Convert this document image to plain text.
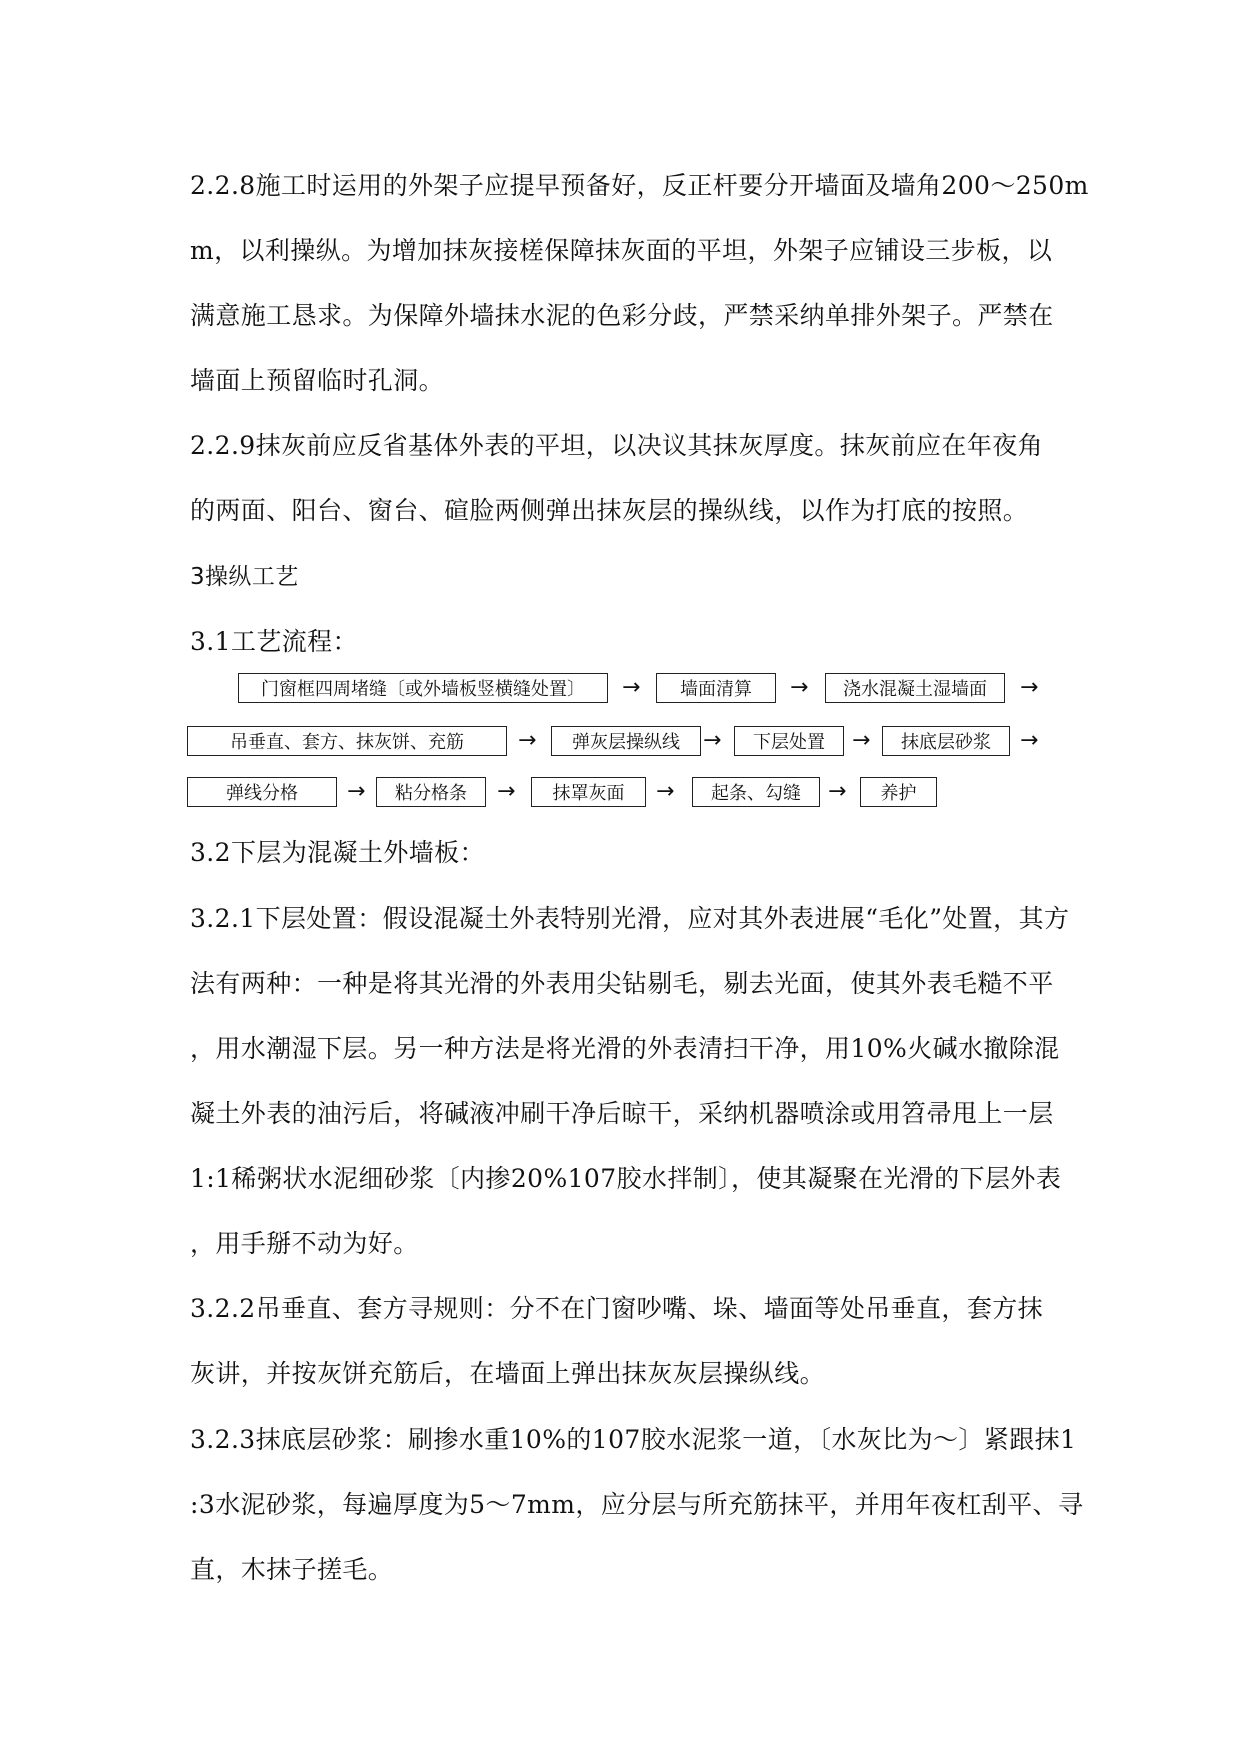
2.2.8施工时运用的外架子应提早预备好，反正杆要分开墙面及墙角200～250m
m，以利操纵。为增加抹灰接槎保障抹灰面的平坦，外架子应铺设三步板，以
满意施工恳求。为保障外墙抹水泥的色彩分歧，严禁采纳单排外架子。严禁在
墙面上预留临时孔洞。
2.2.9抹灰前应反省基体外表的平坦，以决议其抹灰厚度。抹灰前应在年夜角
的两面、阳台、窗台、碹脸两侧弹出抹灰层的操纵线，以作为打底的按照。
3操纵工艺
3.1工艺流程：
门窗框四周堵缝〔或外墙板竖横缝处置〕	→	墙面清算	→	浇水混凝土湿墙面	→
吊垂直、套方、抹灰饼、充筋	→	弹灰层操纵线	→	下层处置	→	抹底层砂浆	→
弹线分格	→	粘分格条	→	抹罩灰面	→	起条、勾缝	→	养护
3.2下层为混凝土外墙板：
3.2.1下层处置：假设混凝土外表特别光滑，应对其外表进展“毛化”处置，其方
法有两种：一种是将其光滑的外表用尖钻剔毛，剔去光面，使其外表毛糙不平
，用水潮湿下层。另一种方法是将光滑的外表清扫干净，用10%火碱水撤除混
凝土外表的油污后，将碱液冲刷干净后晾干，采纳机器喷涂或用笤帚甩上一层
1:1稀粥状水泥细砂浆〔内掺20%107胶水拌制〕，使其凝聚在光滑的下层外表
，用手掰不动为好。
3.2.2吊垂直、套方寻规则：分不在门窗吵嘴、垛、墙面等处吊垂直，套方抹
灰讲，并按灰饼充筋后，在墙面上弹出抹灰灰层操纵线。
3.2.3抹底层砂浆：刷掺水重10%的107胶水泥浆一道，〔水灰比为～〕紧跟抹1
:3水泥砂浆，每遍厚度为5～7mm，应分层与所充筋抹平，并用年夜杠刮平、寻
直，木抹子搓毛。
